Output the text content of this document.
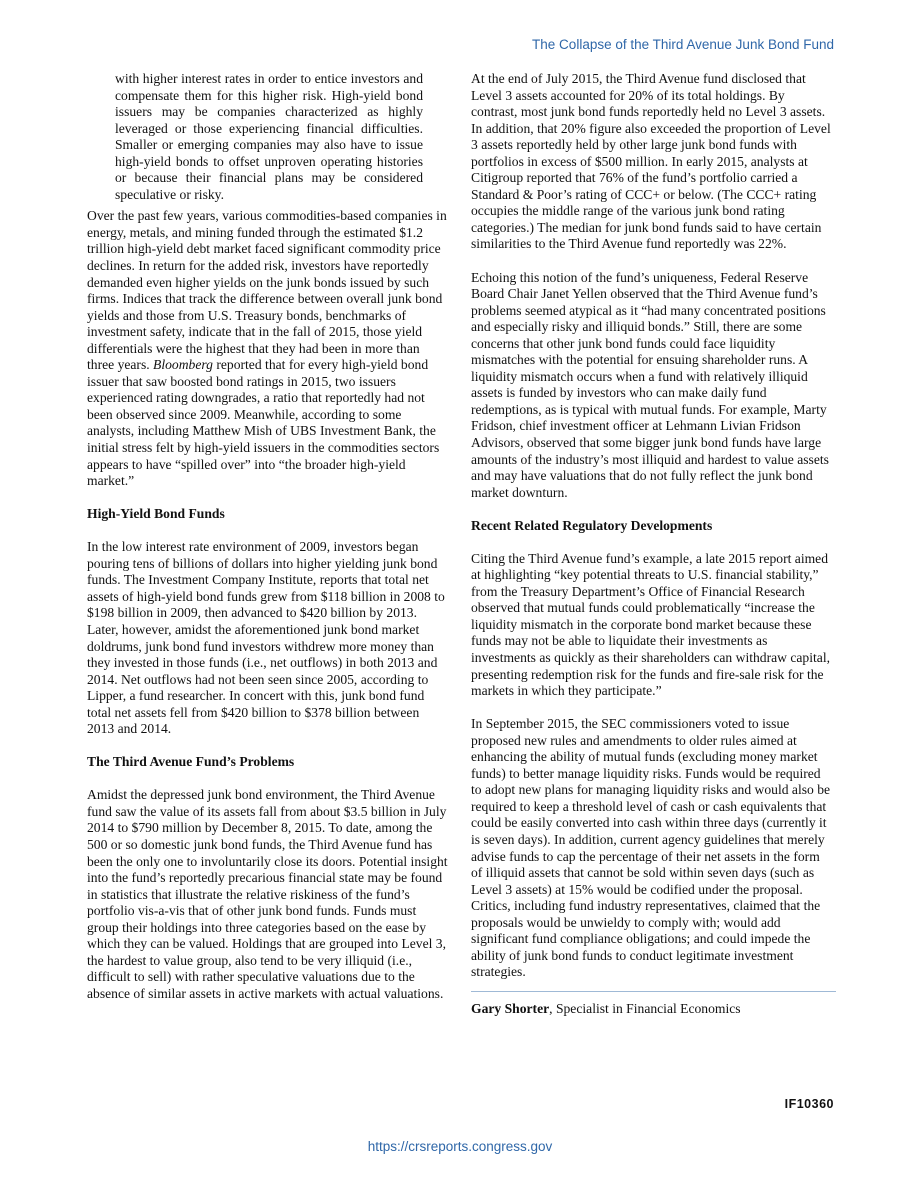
The Collapse of the Third Avenue Junk Bond Fund

with higher interest rates in order to entice investors and compensate them for this higher risk. High-yield bond issuers may be companies characterized as highly leveraged or those experiencing financial difficulties. Smaller or emerging companies may also have to issue high-yield bonds to offset unproven operating histories or because their financial plans may be considered speculative or risky.

Over the past few years, various commodities-based companies in energy, metals, and mining funded through the estimated $1.2 trillion high-yield debt market faced significant commodity price declines. In return for the added risk, investors have reportedly demanded even higher yields on the junk bonds issued by such firms. Indices that track the difference between overall junk bond yields and those from U.S. Treasury bonds, benchmarks of investment safety, indicate that in the fall of 2015, those yield differentials were the highest that they had been in more than three years. Bloomberg reported that for every high-yield bond issuer that saw boosted bond ratings in 2015, two issuers experienced rating downgrades, a ratio that reportedly had not been observed since 2009. Meanwhile, according to some analysts, including Matthew Mish of UBS Investment Bank, the initial stress felt by high-yield issuers in the commodities sectors appears to have “spilled over” into “the broader high-yield market.”

High-Yield Bond Funds

In the low interest rate environment of 2009, investors began pouring tens of billions of dollars into higher yielding junk bond funds. The Investment Company Institute, reports that total net assets of high-yield bond funds grew from $118 billion in 2008 to $198 billion in 2009, then advanced to $420 billion by 2013. Later, however, amidst the aforementioned junk bond market doldrums, junk bond fund investors withdrew more money than they invested in those funds (i.e., net outflows) in both 2013 and 2014. Net outflows had not been seen since 2005, according to Lipper, a fund researcher. In concert with this, junk bond fund total net assets fell from $420 billion to $378 billion between 2013 and 2014.

The Third Avenue Fund’s Problems

Amidst the depressed junk bond environment, the Third Avenue fund saw the value of its assets fall from about $3.5 billion in July 2014 to $790 million by December 8, 2015. To date, among the 500 or so domestic junk bond funds, the Third Avenue fund has been the only one to involuntarily close its doors. Potential insight into the fund’s reportedly precarious financial state may be found in statistics that illustrate the relative riskiness of the fund’s portfolio vis-a-vis that of other junk bond funds. Funds must group their holdings into three categories based on the ease by which they can be valued. Holdings that are grouped into Level 3, the hardest to value group, also tend to be very illiquid (i.e., difficult to sell) with rather speculative valuations due to the absence of similar assets in active markets with actual valuations.

At the end of July 2015, the Third Avenue fund disclosed that Level 3 assets accounted for 20% of its total holdings. By contrast, most junk bond funds reportedly held no Level 3 assets. In addition, that 20% figure also exceeded the proportion of Level 3 assets reportedly held by other large junk bond funds with portfolios in excess of $500 million. In early 2015, analysts at Citigroup reported that 76% of the fund’s portfolio carried a Standard & Poor’s rating of CCC+ or below. (The CCC+ rating occupies the middle range of the various junk bond rating categories.) The median for junk bond funds said to have certain similarities to the Third Avenue fund reportedly was 22%.

Echoing this notion of the fund’s uniqueness, Federal Reserve Board Chair Janet Yellen observed that the Third Avenue fund’s problems seemed atypical as it “had many concentrated positions and especially risky and illiquid bonds.” Still, there are some concerns that other junk bond funds could face liquidity mismatches with the potential for ensuing shareholder runs. A liquidity mismatch occurs when a fund with relatively illiquid assets is funded by investors who can make daily fund redemptions, as is typical with mutual funds. For example, Marty Fridson, chief investment officer at Lehmann Livian Fridson Advisors, observed that some bigger junk bond funds have large amounts of the industry’s most illiquid and hardest to value assets and may have valuations that do not fully reflect the junk bond market downturn.

Recent Related Regulatory Developments

Citing the Third Avenue fund’s example, a late 2015 report aimed at highlighting “key potential threats to U.S. financial stability,” from the Treasury Department’s Office of Financial Research observed that mutual funds could problematically “increase the liquidity mismatch in the corporate bond market because these funds may not be able to liquidate their investments as investments as quickly as their shareholders can withdraw capital, presenting redemption risk for the funds and fire-sale risk for the markets in which they participate.”

In September 2015, the SEC commissioners voted to issue proposed new rules and amendments to older rules aimed at enhancing the ability of mutual funds (excluding money market funds) to better manage liquidity risks. Funds would be required to adopt new plans for managing liquidity risks and would also be required to keep a threshold level of cash or cash equivalents that could be easily converted into cash within three days (currently it is seven days). In addition, current agency guidelines that merely advise funds to cap the percentage of their net assets in the form of illiquid assets that cannot be sold within seven days (such as Level 3 assets) at 15% would be codified under the proposal. Critics, including fund industry representatives, claimed that the proposals would be unwieldy to comply with; would add significant fund compliance obligations; and could impede the ability of junk bond funds to conduct legitimate investment strategies.

Gary Shorter, Specialist in Financial Economics

IF10360
https://crsreports.congress.gov
